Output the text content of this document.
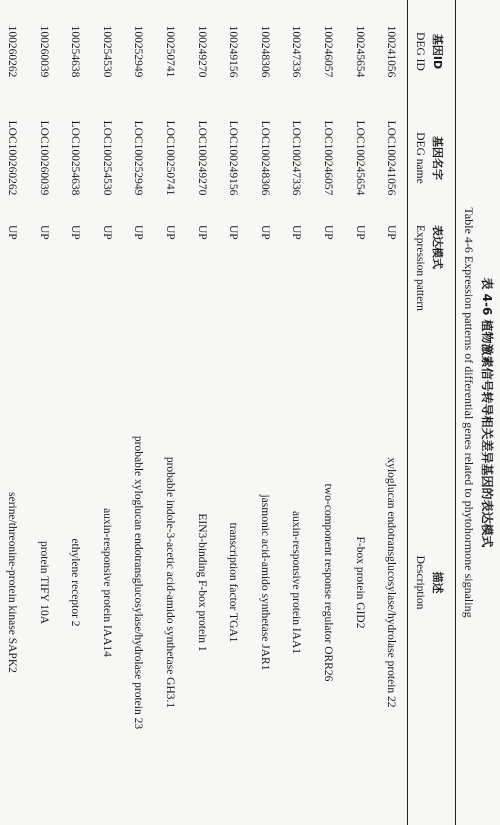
表 4-6 植物激素信号转导相关差异基因的表达模式
Table 4-6 Expression patterns of differential genes related to phytohormone signaling
基因ID	基因名字	表达模式	描述
DEG ID	DEG name	Expression pattern	Description
100241056	LOC100241056	UP	xyloglucan endotransglucosylase/hydrolase protein 22
100245654	LOC100245654	UP	F-box protein GID2
100246057	LOC100246057	UP	two-component response regulator ORR26
100247336	LOC100247336	UP	auxin-responsive protein IAA1
100248306	LOC100248306	UP	jasmonic acid-amido synthetase JAR1
100249156	LOC100249156	UP	transcription factor TGA1
100249270	LOC100249270	UP	EIN3-binding F-box protein 1
100250741	LOC100250741	UP	probable indole-3-acetic acid-amido synthetase GH3.1
100252949	LOC100252949	UP	probable xyloglucan endotransglucosylase/hydrolase protein 23
100254530	LOC100254530	UP	auxin-responsive protein IAA14
100254638	LOC100254638	UP	ethylene receptor 2
100260039	LOC100260039	UP	protein TIFY 10A
100260262	LOC100260262	UP	serine/threonine-protein kinase SAPK2
